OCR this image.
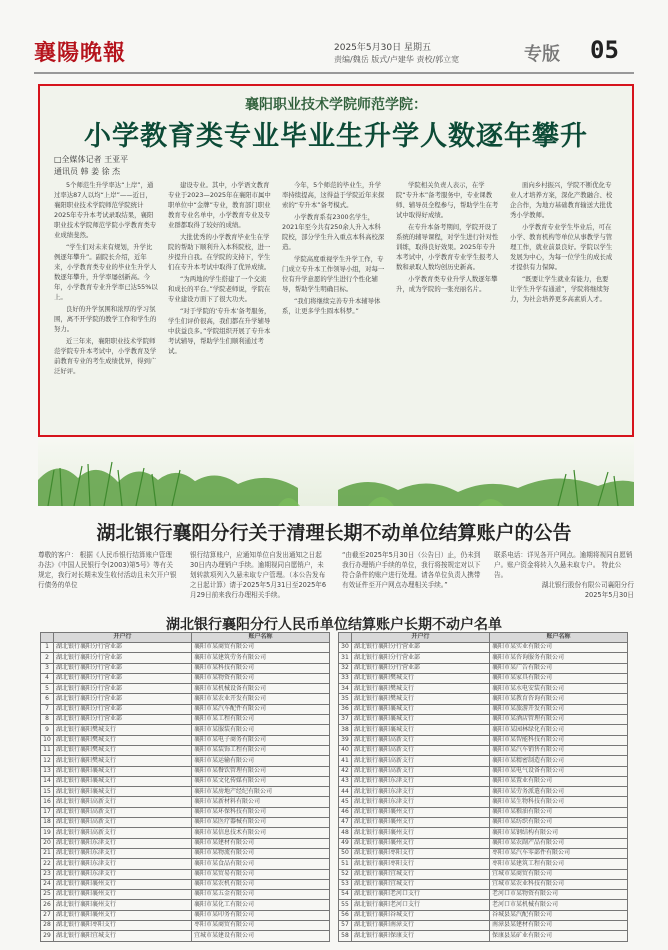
襄陽晚報	2025年5月30日 星期五
责编/魏岳 版式/卢建华 责校/郭立宽	专版 05
襄阳职业技术学院师范学院：
小学教育类专业毕业生升学人数逐年攀升
□全媒体记者 王亚平
通讯员 韩 姜 徐 杰

5个师范生升学率达“上岸”，通过率达87人以均“上岸”——近日，襄阳职业技术学院师范学院统计2025年专升本考试录取结果，襄阳职业技术学院师范学院小学教育类专业成绩斐然。

“学生们对未来有规划，升学比例逐年攀升”。副院长介绍，近年来，小学教育类专业的毕业生升学人数逐年攀升，升学率屡创新高。今年，小学教育专业升学率已达55%以上。

良好的升学氛围和浓厚的学习氛围，离不开学院的教学工作和学生的努力。

近三年来，襄阳职业技术学院师范学院专升本考试中，小学教育及学前教育专业的考生成绩优异，得到广泛好评。

建设专业。其中，小学语文教育专业于2023—2025年在襄阳市属中职单位中“金牌”专业，教育部门职业教育专业名单中，小学教育专业及专业群都取得了较好的成绩。

大批优秀的小学教育毕业生在学院的帮助下顺利升入本科院校，进一步提升自我。在学院的支持下，学生们在专升本考试中取得了优异成绩。

“为两地的学生搭建了一个交流和成长的平台。”学院老师说，学院在专业建设方面下了很大功夫。

“对于学院的‘专升本’备考服务，学生们评价很高，我们都在升学辅导中获益良多。”学院组织开展了专升本考试辅导，帮助学生们顺利通过考试。

今年，5个师范的毕业生，升学率持续提高，这得益于学院近年来探索的“专升本”备考模式。

小学教育系有2300名学生，2021年至今共有250余人升入本科院校，部分学生升入重点本科高校深造。

学院高度重视学生升学工作，专门成立专升本工作领导小组，对每一位有升学意愿的学生进行个性化辅导，帮助学生明确目标。

“我们将继续完善专升本辅导体系，让更多学生圆本科梦。”

学院相关负责人表示，在学院“专升本”备考服务中，专业课教师、辅导员全程参与，帮助学生在考试中取得好成绩。

在专升本备考期间，学院开设了系统的辅导课程，对学生进行针对性训练，取得良好效果。2025年专升本考试中，小学教育专业学生报考人数和录取人数均创历史新高。

小学教育类专业升学人数逐年攀升，成为学院的一张亮丽名片。

面向乡村振兴，学院不断优化专业人才培养方案，深化产教融合、校企合作，为地方基础教育输送大批优秀小学教师。

小学教育专业学生毕业后，可在小学、教育机构等单位从事教学与管理工作，就业前景良好。学院以学生发展为中心，为每一位学生的成长成才提供有力保障。

“既要让学生就业有能力，也要让学生升学有通道”，学院将继续努力，为社会培养更多高素质人才。

湖北银行襄阳分行关于清理长期不动单位结算账户的公告
尊敬的客户： 根据《人民币银行结算账户管理办法》《中国人民银行令(2003)第5号》等有关规定，我行对长期未发生收付活动且未欠开户银行债务的单位
银行结算账户，应通知单位自发出通知之日起30日内办理销户手续。逾期视同自愿销户，未划转款项列入久悬未取专户管理。（本公告发布之日起计算）请于2025年5月31日至2025年6月29日前来我行办理相关手续。
“由截至2025年5月30日（公告日）止，仍未到我行办理销户手续的单位，我行将按规定对以下符合条件的账户进行处理。请各单位负责人携带有效证件至开户网点办理相关手续。”

联系电话：详见各开户网点。逾期将视同自愿销户。账户资金将转入久悬未取专户。 特此公告。

湖北银行股份有限公司襄阳分行

2025年5月30日

湖北银行襄阳分行人民币单位结算账户长期不动户名单
	开户行	账户名称
1	湖北银行襄阳分行营业部	襄阳市某商贸有限公司
2	湖北银行襄阳分行营业部	襄阳市某建筑劳务有限公司
3	湖北银行襄阳分行营业部	襄阳市某科技有限公司
4	湖北银行襄阳分行营业部	襄阳市某物资有限公司
5	湖北银行襄阳分行营业部	襄阳市某机械设备有限公司
6	湖北银行襄阳分行营业部	襄阳市某农业开发有限公司
7	湖北银行襄阳分行营业部	襄阳市某汽车配件有限公司
8	湖北银行襄阳分行营业部	襄阳市某工程有限公司
9	湖北银行襄阳樊城支行	襄阳市某服装有限公司
10	湖北银行襄阳樊城支行	襄阳市某电子商务有限公司
11	湖北银行襄阳樊城支行	襄阳市某装饰工程有限公司
12	湖北银行襄阳樊城支行	襄阳市某运输有限公司
13	湖北银行襄阳襄城支行	襄阳市某餐饮管理有限公司
14	湖北银行襄阳襄城支行	襄阳市某文化传媒有限公司
15	湖北银行襄阳襄城支行	襄阳市某房地产经纪有限公司
16	湖北银行襄阳高新支行	襄阳市某新材料有限公司
17	湖北银行襄阳高新支行	襄阳市某环保科技有限公司
18	湖北银行襄阳高新支行	襄阳市某医疗器械有限公司
19	湖北银行襄阳高新支行	襄阳市某信息技术有限公司
20	湖北银行襄阳东津支行	襄阳市某建材有限公司
21	湖北银行襄阳东津支行	襄阳市某物流有限公司
22	湖北银行襄阳东津支行	襄阳市某食品有限公司
23	湖北银行襄阳东津支行	襄阳市某贸易有限公司
24	湖北银行襄阳襄州支行	襄阳市某农机有限公司
25	湖北银行襄阳襄州支行	襄阳市某五金有限公司
26	湖北银行襄阳襄州支行	襄阳市某化工有限公司
27	湖北银行襄阳襄州支行	襄阳市某印务有限公司
28	湖北银行襄阳枣阳支行	枣阳市某商贸有限公司
29	湖北银行襄阳宜城支行	宜城市某建设有限公司
	开户行	账户名称
30	湖北银行襄阳分行营业部	襄阳市某实业有限公司
31	湖北银行襄阳分行营业部	襄阳市某咨询服务有限公司
32	湖北银行襄阳分行营业部	襄阳市某广告有限公司
33	湖北银行襄阳樊城支行	襄阳市某家具有限公司
34	湖北银行襄阳樊城支行	襄阳市某水电安装有限公司
35	湖北银行襄阳樊城支行	襄阳市某教育咨询有限公司
36	湖北银行襄阳襄城支行	襄阳市某旅游开发有限公司
37	湖北银行襄阳襄城支行	襄阳市某酒店管理有限公司
38	湖北银行襄阳襄城支行	襄阳市某园林绿化有限公司
39	湖北银行襄阳高新支行	襄阳市某智能科技有限公司
40	湖北银行襄阳高新支行	襄阳市某汽车销售有限公司
41	湖北银行襄阳高新支行	襄阳市某精密制造有限公司
42	湖北银行襄阳高新支行	襄阳市某电气设备有限公司
43	湖北银行襄阳东津支行	襄阳市某置业有限公司
44	湖北银行襄阳东津支行	襄阳市某劳务派遣有限公司
45	湖北银行襄阳东津支行	襄阳市某生物科技有限公司
46	湖北银行襄阳襄州支行	襄阳市某粮油有限公司
47	湖北银行襄阳襄州支行	襄阳市某纺织有限公司
48	湖北银行襄阳襄州支行	襄阳市某钢结构有限公司
49	湖北银行襄阳襄州支行	襄阳市某农副产品有限公司
50	湖北银行襄阳枣阳支行	枣阳市某汽车零部件有限公司
51	湖北银行襄阳枣阳支行	枣阳市某建筑工程有限公司
52	湖北银行襄阳宜城支行	宜城市某商贸有限公司
53	湖北银行襄阳宜城支行	宜城市某农业科技有限公司
54	湖北银行襄阳老河口支行	老河口市某物资有限公司
55	湖北银行襄阳老河口支行	老河口市某机械有限公司
56	湖北银行襄阳谷城支行	谷城县某汽配有限公司
57	湖北银行襄阳南漳支行	南漳县某建材有限公司
58	湖北银行襄阳保康支行	保康县某矿业有限公司
